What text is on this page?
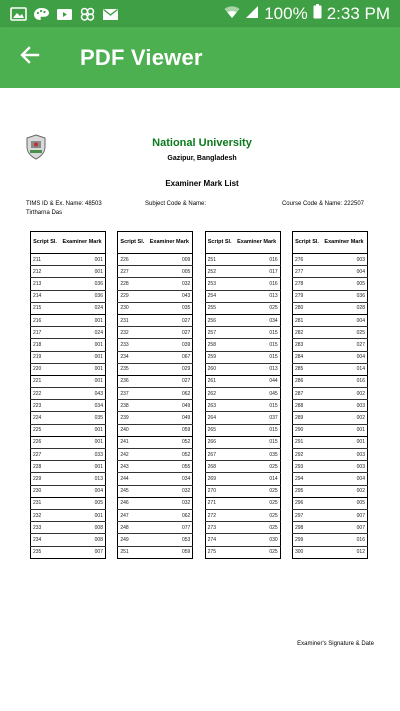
100% 2:33 PM
PDF Viewer
National University
Gazipur, Bangladesh
Examiner Mark List
TIMS ID & Ex. Name: 48503	Subject Code & Name:	Course Code & Name: 222507
Tirtharna Das
Script Sl.	Examiner Mark
211	001
212	001
213	036
214	036
215	024
216	001
217	024
218	001
219	001
220	001
221	001
222	043
223	034
224	035
225	001
226	001
227	033
228	001
229	013
230	004
231	005
232	001
233	008
234	008
235	007
Script Sl.	Examiner Mark
226	009
227	005
228	032
229	043
230	035
231	027
232	027
233	039
234	067
235	029
236	027
237	062
238	049
239	049
240	059
241	052
242	052
243	055
244	034
245	032
246	032
247	062
248	077
249	053
251	059
Script Sl.	Examiner Mark
251	016
252	017
253	016
254	013
255	025
256	034
257	015
258	015
259	015
260	013
261	044
262	045
263	015
264	037
265	015
266	015
267	035
268	025
269	014
270	025
271	025
272	025
273	025
274	030
275	025
Script Sl.	Examiner Mark
276	003
277	004
278	005
279	036
280	028
281	004
282	025
283	027
284	004
285	014
286	016
287	002
288	003
289	002
290	001
291	001
292	003
293	003
294	004
295	002
296	005
297	007
298	007
299	016
300	012
Examiner's Signature & Date
